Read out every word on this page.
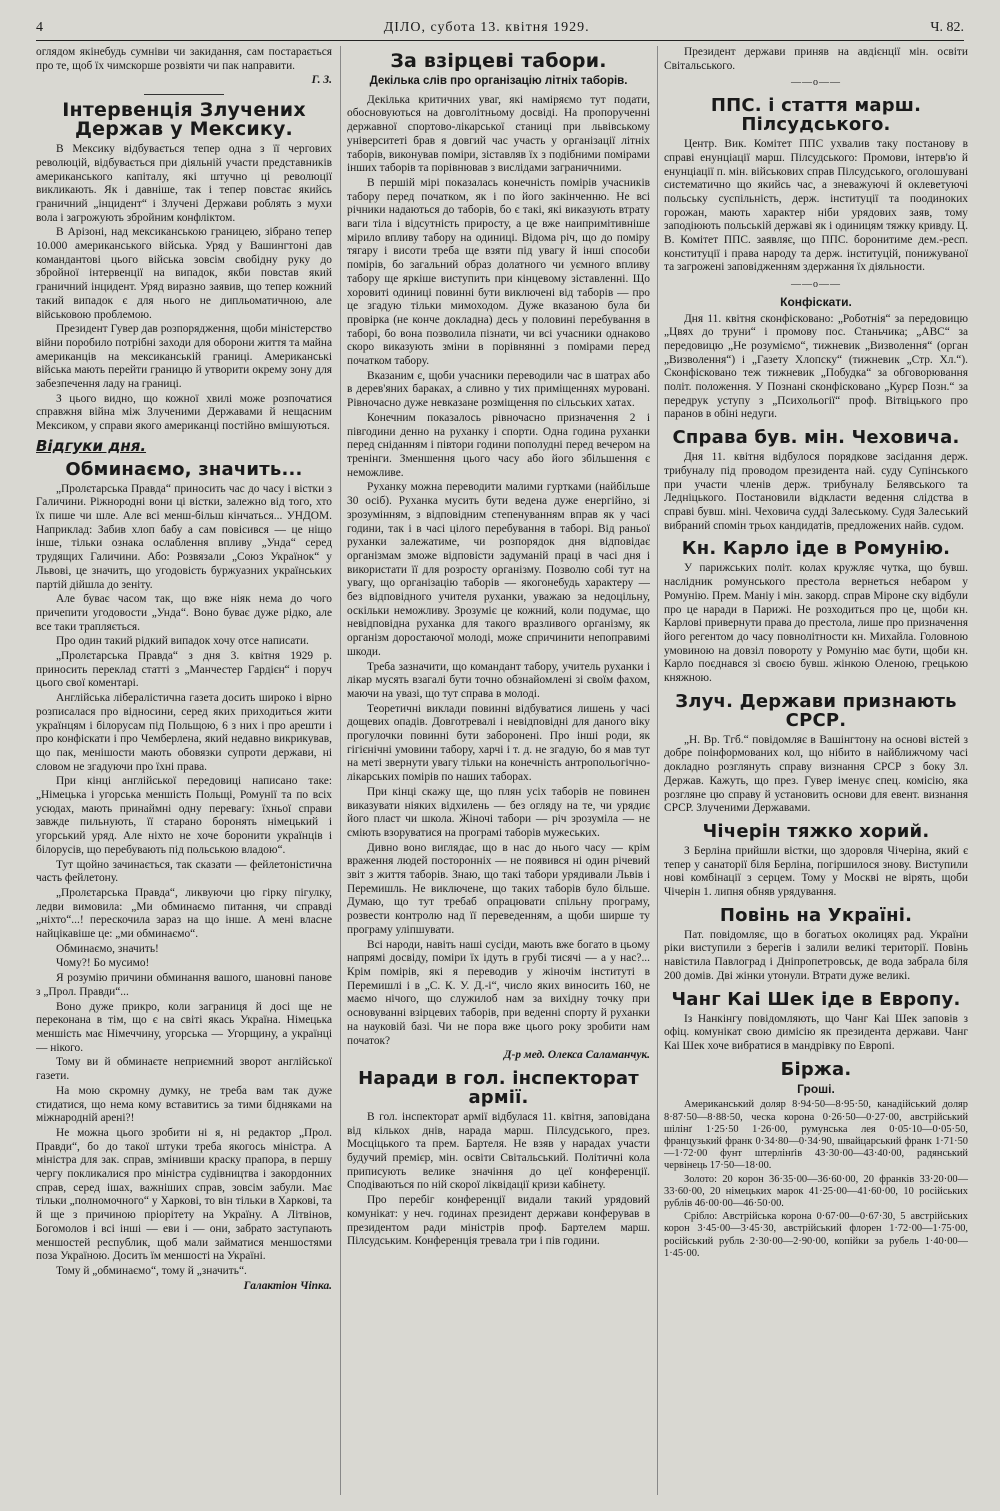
4	ДІЛО, субота 13. квітня 1929.	Ч. 82.

оглядом якінебудь сумніви чи закидання, сам постарається про те, щоб їх чимскорше розвіяти чи пак направити.

Г. З.
Інтервенція Злучених Держав у Мексику.

В Мексику відбувається тепер одна з її чергових революцій, відбувається при діяльній участи представників американського капіталу, які штучно ці революції викликають. Як і давніше, так і тепер повстає якийсь граничний „інцидент“ і Злучені Держави роблять з мухи вола і загрожують збройним конфліктом.

В Арізоні, над мексиканською границею, зібрано тепер 10.000 американського війська. Уряд у Вашингтоні дав командантові цього війська зовсім свобідну руку до збройної інтервенції на випадок, якби повстав який граничний інцидент. Уряд виразно заявив, що тепер кожний такий випадок є для нього не дипльоматичною, але військовою проблемою.

Президент Гувер дав розпорядження, щоби міністерство війни поробило потрібні заходи для оборони життя та майна американців на мексиканській границі. Американські війська мають перейти границю й утворити окрему зону для забезпечення ладу на границі.

З цього видно, що кожної хвилі може розпочатися справжня війна між Злученими Державами й нещасним Мексиком, у справи якого американці постійно вмішуються.

Відгуки дня.
Обминаємо, значить...

„Пролєтарська Правда“ приносить час до часу і вістки з Галичини. Ріжнородні вони ці вістки, залежно від того, хто їх пише чи шле. Але всі менш-більш кінчаться... УНДОМ. Наприклад: Забив хлоп бабу а сам повісився — це ніщо інше, тільки ознака ослаблення впливу „Унда“ серед трудящих Галичини. Або: Розвязали „Союз Українок“ у Львові, це значить, що угодовість буржуазних українських партій дійшла до зеніту.

Але буває часом так, що вже ніяк нема до чого причепити угодовости „Унда“. Воно буває дуже рідко, але все таки трапляється.

Про один такий рідкий випадок хочу отсе написати.

„Пролєтарська Правда“ з дня 3. квітня 1929 р. приносить переклад статті з „Манчестер Гардієн“ і поруч цього свої коментарі.

Англійська лібералістична газета досить широко і вірно розписалася про відносини, серед яких приходиться жити українцям і білорусам під Польщою, 6 з них і про арешти і про конфіскати і про Чемберлена, який недавно викрикував, що пак, менішости мають обовязки супроти держави, ні словом не згадуючи про їхні права.

При кінці англійської передовиці написано таке: „Німецька і угорська меншість Польщі, Ромунії та по всіх усюдах, мають принаймні одну перевагу: їхньої справи завжде пильнують, її старано боронять німецький і угорський уряд. Але ніхто не хоче боронити українців і білорусів, що перебувають під польською владою“.

Тут щойно зачинається, так сказати — фейлетоністична часть фейлетону.

„Пролєтарська Правда“, ликвуючи цю гірку пігулку, ледви вимовила: „Ми обминаємо питання, чи справді „ніхто“...! перескочила зараз на що інше. А мені власне найцікавіше це: „ми обминаємо“.

Обминаємо, значить!

Чому?! Бо мусимо!

Я розумію причини обминання вашого, шановні панове з „Прол. Правди“...

Воно дуже прикро, коли заграниця й досі ще не переконана в тім, що є на світі якась Україна. Німецька меншість має Німеччину, угорська — Угорщину, а українці — нікого.

Тому ви й обминаєте неприємний зворот англійської газети.

На мою скромну думку, не треба вам так дуже стидатися, що нема кому вставитись за тими бідняками на міжнародній арені?!

Не можна цього зробити ні я, ні редактор „Прол. Правди“, бо до такої штуки треба якогось міністра. А міністра для зак. справ, змінивши краску прапора, в першу чергу покликалися про міністра судівництва і закордонних справ, серед ішах, важніших справ, зовсім забули. Має тільки „полномочного“ у Харкові, то він тільки в Харкові, та й ще з причиною пріорітету на Україну. А Літвінов, Богомолов і всі інші — еви і — они, забрато заступають меншостей республик, щоб мали займатися меншостями поза Україною. Досить їм меншості на Україні.

Тому й „обминаємо“, тому й „значить“.

Галактіон Чіпка.
За взірцеві табори.
Декілька слів про організацію літніх таборів.

Декілька критичних уваг, які наміряємо тут подати, обосновуються на довголітньому досвіді. На пропорученні державної спортово-лікарської станиці при львівському університеті брав я довгий час участь у організації літніх таборів, виконував поміри, зіставляв їх з подібними помірами інших таборів та порівнював з вислідами заграничними.

В першій мірі показалась конечність помірів учасників табору перед початком, як і по його закінченню. Не всі річники надаються до таборів, бо є такі, які виказують втрату ваги тіла і відсутність приросту, а це вже наипримітивніше мірило впливу табору на одиниці. Відома річ, що до поміру тягару і висоти треба ще взяти під увагу й інші способи помірів, бо загальний образ долатного чи уємного впливу табору ще яркіше виступить при кінцевому зіставленні. Що хоровиті одиниці повинні бути виключені від таборів — про це згадую тільки мимоходом. Дуже вказаною була би провірка (не конче докладна) десь у половині перебування в таборі, бо вона позволила пізнати, чи всі учасники однаково скоро виказують зміни в порівнянні з помірами перед початком табору.

Вказаним є, щоби учасники переводили час в шатрах або в дерев'яних бараках, а сливно у тих приміщеннях муровані. Рівночасно дуже невказане розміщення по сільських хатах.

Конечним показалось рівночасно призначення 2 і півгодини денно на руханку і спорти. Одна година руханки перед сніданням і півтори години пополудні перед вечером на тренінги. Зменшення цього часу або його збільшення є неможливе.

Руханку можна переводити малими гуртками (найбільше 30 осіб). Руханка мусить бути ведена дуже енергійно, зі зрозумінням, з відповідним степенуванням вправ як у часі години, так і в часі цілого перебування в таборі. Від раньої руханки залежатиме, чи розпорядок дня відповідає організмам зможе відповісти задуманій праці в часі дня і використати її для розросту організму. Позволю собі тут на увагу, що організацію таборів — якогонебудь характеру — без відповідного учителя руханки, уважаю за недоцільну, оскільки неможливу. Зрозуміє це кожний, коли подумає, що невідповідна руханка для такого вразливого організму, як організм доростаючої молоді, може спричинити непоправимі шкоди.

Треба зазначити, що командант табору, учитель руханки і лікар мусять взагалі бути точно обзнайомлені зі своїм фахом, маючи на увазі, що тут справа в молоді.

Теоретичні виклади повинні відбуватися лишень у часі дощевих опадів. Довготревалі і невідповідні для даного віку прогулочки повинні бути заборонені. Про інші роди, як гігієнічні умовини табору, харчі і т. д. не згадую, бо я мав тут на меті звернути увагу тільки на конечність антропольогічно-лікарських помірів по наших таборах.

При кінці скажу ще, що плян усіх таборів не повинен виказувати ніяких відхилень — без огляду на те, чи урядиє його пласт чи школа. Жіночі табори — річ зрозуміла — не сміють взоруватися на програмі таборів мужеських.

Дивно воно виглядає, що в нас до нього часу — крім враження людей посторонніх — не появився ні один річевий звіт з життя таборів. Знаю, що такі табори урядивали Львів і Перемишль. Не виключене, що таких таборів було більше. Думаю, що тут требаб опрацювати спільну програму, розвести контролю над її переведенням, а щоби ширше ту програму уліпшувати.

Всі народи, навіть наші сусіди, мають вже богато в цьому напрямі досвіду, поміри їх ідуть в грубі тисячі — а у нас?... Крім помірів, які я переводив у жіночім інституті в Перемишлі і в „С. К. У. Д.-і“, число яких виносить 160, не маємо нічого, що служилоб нам за вихідну точку при основуванні взірцевих таборів, при веденні спорту й руханки на науковій базі. Чи не пора вже цього року зробити нам початок?

Д-р мед. Олекса Саламанчук.
Наради в гол. інспекторат армії.

В гол. інспекторат армії відбулася 11. квітня, заповідана від кількох днів, нарада марш. Пілсудського, през. Мосціцького та прем. Бартеля. Не взяв у нарадах участи будучий премієр, мін. освіти Світальський. Політичні кола приписують велике значіння до цеї конференції. Сподіваються по ній скорої ліквідації кризи кабінету.

Про перебіг конференції видали такий урядовий комунікат: у неч. годинах президент держави конферував в президентом ради міністрів проф. Бартелем марш. Пілсудським. Конференція тревала три і пів години.

Президент держави приняв на авдієнції мін. освіти Світальського.

——о——
ППС. і стаття марш. Пілсудського.

Центр. Вик. Комітет ППС ухвалив таку постанову в справі енунціації марш. Пілсудського: Промови, інтерв'ю й енунціації п. мін. військових справ Пілсудського, оголошувані систематично що якийсь час, а зневажуючі й оклеветуючі польську суспільність, держ. інституції та поодиноких горожан, мають характер ніби урядових заяв, тому заподіюють польській державі як і одиницям тяжку кривду. Ц. В. Комітет ППС. заявляє, що ППС. боронитиме дем.-респ. конституції і права народу та держ. інституцій, понижуваної та загрожені заповідженням здержання їх діяльности.

——о——
Конфіскати.

Дня 11. квітня сконфісковано: „Роботнія“ за передовицю „Цвях до труни“ і промову пос. Станьчика; „АВС“ за передовицю „Не розуміємо“, тижневик „Визволення“ (орган „Визволення“) і „Газету Хлопску“ (тижневик „Стр. Хл.“). Сконфісковано теж тижневик „Побудка“ за обговорювання політ. положення. У Познані сконфісковано „Курєр Позн.“ за передрук уступу з „Психольогії“ проф. Вітвіцького про паранов в обіні недуги.

Справа був. мін. Чеховича.

Дня 11. квітня відбулося порядкове засідання держ. трибуналу під проводом президента най. суду Супінського при участи членів держ. трибуналу Белявського та Ледніцького. Постановили відкласти ведення слідства в справі бувш. міні. Чеховича судді Залеському. Судя Залеський вибраний спомін трьох кандидатів, предложених найв. судом.

Кн. Карло іде в Ромунію.

У парижських політ. колах кружляє чутка, що бувш. наслідник ромунського престола вернеться небаром у Ромунію. Прем. Маніу і мін. закорд. справ Міроне ску відбули про це наради в Парижі. Не розходиться про це, щоби кн. Карлові привернути права до престола, лише про призначення його регентом до часу повнолітности кн. Михайла. Головною умовиною на довзіл повороту у Ромунію має бути, щоби кн. Карло поєднався зі своєю бувш. жінкою Оленою, грецькою княжною.

Злуч. Держави признають СРСР.

„Н. Вр. Тгб.“ повідомляє в Вашінгтону на основі вістей з добре поінформованих кол, що нібито в найближчому часі докладно розглянуть справу визнання СРСР з боку Зл. Держав. Кажуть, що през. Гувер іменує спец. комісію, яка розгляне цю справу й установить основи для евент. визнання СРСР. Злученими Державами.

Чічерін тяжко хорий.

З Берліна прийшли вістки, що здоровля Чічеріна, який є тепер у санаторії біля Берліна, погіршилося знову. Виступили нові комбінації з серцем. Тому у Москві не вірять, щоби Чічерін 1. липня обняв урядування.

Повінь на Україні.

Пат. повідомляє, що в богатьох околицях рад. України ріки виступили з берегів і залили великі території. Повінь навістила Павлоград і Дніпропетровськ, де вода забрала біля 200 домів. Дві жінки утонули. Втрати дуже великі.

Чанг Каі Шек іде в Европу.

Із Нанкінгу повідомляють, що Чанг Каі Шек заповів з офіц. комунікат свою димісію як президента держави. Чанг Каі Шек хоче вибратися в мандрівку по Европі.

Біржа.
Гроші.

Американський доляр 8·94·50—8·95·50, канадійський доляр 8·87·50—8·88·50, ческа корона 0·26·50—0·27·00, австрійський шілінґ 1·25·50 1·26·00, румунська лея 0·05·10—0·05·50, французький франк 0·34·80—0·34·90, швайцарський франк 1·71·50—1·72·00 фунт штерлінґів 43·30·00—43·40·00, радянський червінець 17·50—18·00.

Золото: 20 корон 36·35·00—36·60·00, 20 франків 33·20·00—33·60·00, 20 німецьких марок 41·25·00—41·60·00, 10 російських рублів 46·00·00—46·50·00.

Срібло: Австрійська корона 0·67·00—0·67·30, 5 австрійських корон 3·45·00—3·45·30, австрійський флорен 1·72·00—1·75·00, російський рубль 2·30·00—2·90·00, копійки за рубель 1·40·00—1·45·00.
